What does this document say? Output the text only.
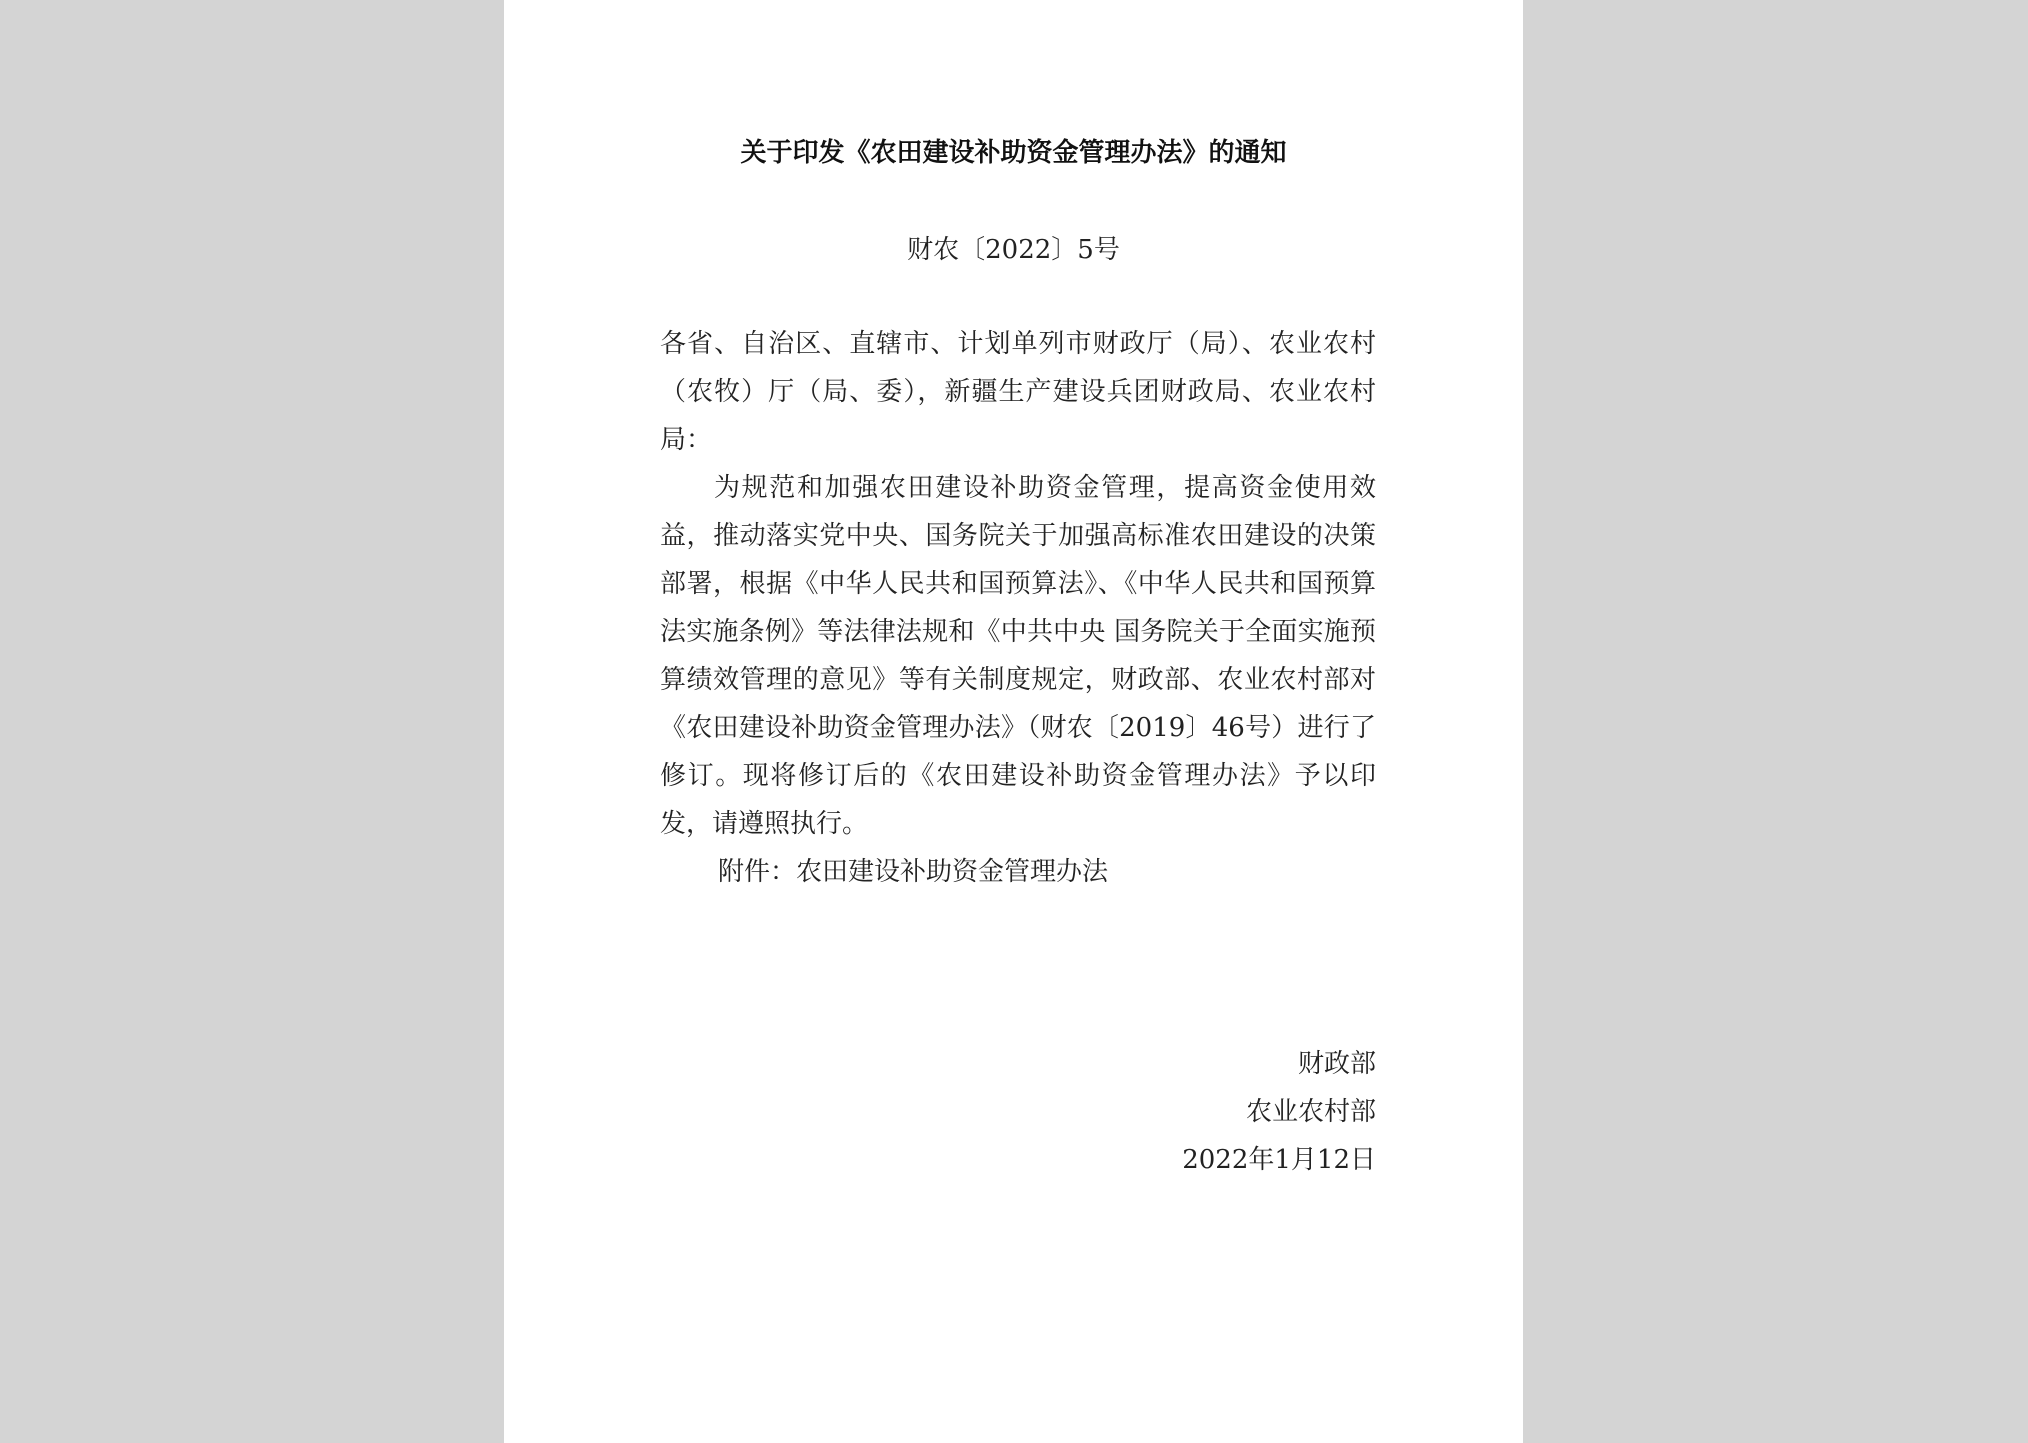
关于印发《农田建设补助资金管理办法》的通知
财农〔2022〕5号

各省、自治区、直辖市、计划单列市财政厅（局）、农业农村（农牧）厅（局、委），新疆生产建设兵团财政局、农业农村局：

为规范和加强农田建设补助资金管理，提高资金使用效益，推动落实党中央、国务院关于加强高标准农田建设的决策部署，根据《中华人民共和国预算法》、《中华人民共和国预算法实施条例》等法律法规和《中共中央 国务院关于全面实施预算绩效管理的意见》等有关制度规定，财政部、农业农村部对《农田建设补助资金管理办法》（财农〔2019〕46号）进行了修订。现将修订后的《农田建设补助资金管理办法》予以印发，请遵照执行。

附件：农田建设补助资金管理办法
财政部
农业农村部
2022年1月12日
